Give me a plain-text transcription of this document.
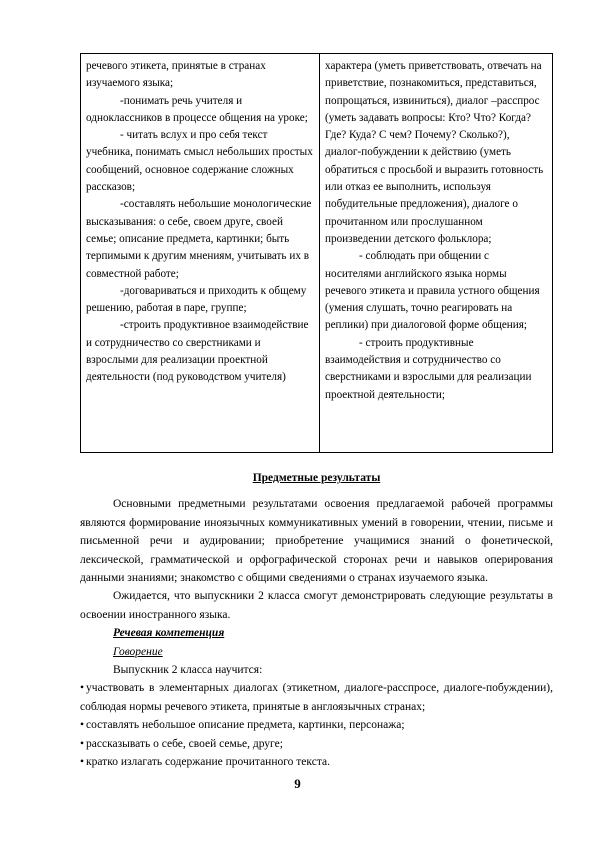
речевого этикета, принятые в странах изучаемого языка;

-понимать речь учителя и одноклассников в процессе общения на уроке;

- читать вслух и про себя текст учебника, понимать смысл небольших простых сообщений, основное содержание сложных рассказов;

-составлять небольшие монологические высказывания: о себе, своем друге, своей семье; описание предмета, картинки; быть терпимыми к другим мнениям, учитывать их в совместной работе;

-договариваться и приходить к общему решению, работая в паре, группе;

-строить продуктивное взаимодействие и сотрудничество со сверстниками и взрослыми для реализации проектной деятельности (под руководством учителя)

характера (уметь приветствовать, отвечать на приветствие, познакомиться, представиться, попрощаться, извиниться), диалог –расспрос (уметь задавать вопросы: Кто? Что? Когда? Где? Куда? С чем? Почему? Сколько?), диалог-побуждении к действию (уметь обратиться с просьбой и выразить готовность или отказ ее выполнить, используя побудительные предложения), диалоге о прочитанном или прослушанном произведении детского фольклора;

- соблюдать при общении с носителями английского языка нормы речевого этикета и правила устного общения (умения слушать, точно реагировать на реплики) при диалоговой форме общения;

- строить продуктивные взаимодействия и сотрудничество со сверстниками и взрослыми для реализации проектной деятельности;

Предметные результаты

Основными предметными результатами освоения предлагаемой рабочей программы являются формирование иноязычных коммуникативных умений в говорении, чтении, письме и письменной речи и аудировании; приобретение учащимися знаний о фонетической, лексической, грамматической и орфографической сторонах речи и навыков оперирования данными знаниями; знакомство с общими сведениями о странах изучаемого языка.

Ожидается, что выпускники 2 класса смогут демонстрировать следующие результаты в освоении иностранного языка.

Речевая компетенция

Говорение

Выпускник 2 класса научится:

• участвовать в элементарных диалогах (этикетном, диалоге-расспросе, диалоге-побуждении), соблюдая нормы речевого этикета, принятые в англоязычных странах;

• составлять небольшое описание предмета, картинки, персонажа;

• рассказывать о себе, своей семье, друге;

• кратко излагать содержание прочитанного текста.

9
